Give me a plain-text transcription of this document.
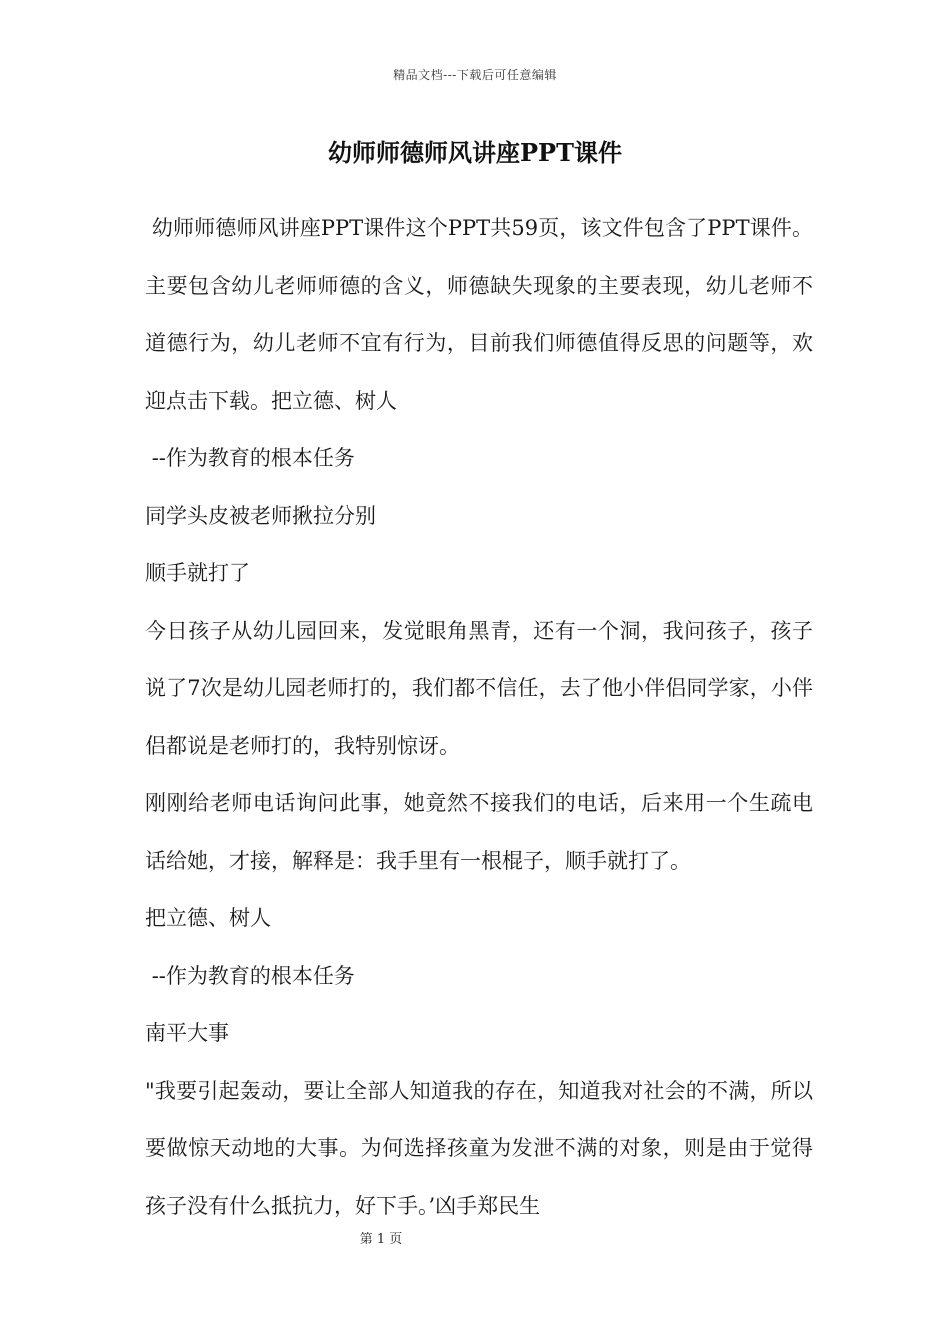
精品文档---下载后可任意编辑
幼师师德师风讲座PPT课件

幼师师德师风讲座PPT课件这个PPT共59页，该文件包含了PPT课件。主要包含幼儿老师师德的含义，师德缺失现象的主要表现，幼儿老师不道德行为，幼儿老师不宜有行为，目前我们师德值得反思的问题等，欢迎点击下载。把立德、树人

--作为教育的根本任务

同学头皮被老师揪拉分别

顺手就打了

今日孩子从幼儿园回来，发觉眼角黑青，还有一个洞，我问孩子，孩子说了7次是幼儿园老师打的，我们都不信任，去了他小伴侣同学家，小伴侣都说是老师打的，我特别惊讶。

刚刚给老师电话询问此事，她竟然不接我们的电话，后来用一个生疏电话给她，才接，解释是：我手里有一根棍子，顺手就打了。

把立德、树人

--作为教育的根本任务

南平大事

"我要引起轰动，要让全部人知道我的存在，知道我对社会的不满，所以要做惊天动地的大事。为何选择孩童为发泄不满的对象，则是由于觉得孩子没有什么抵抗力，好下手。’凶手郑民生

第 1 页
